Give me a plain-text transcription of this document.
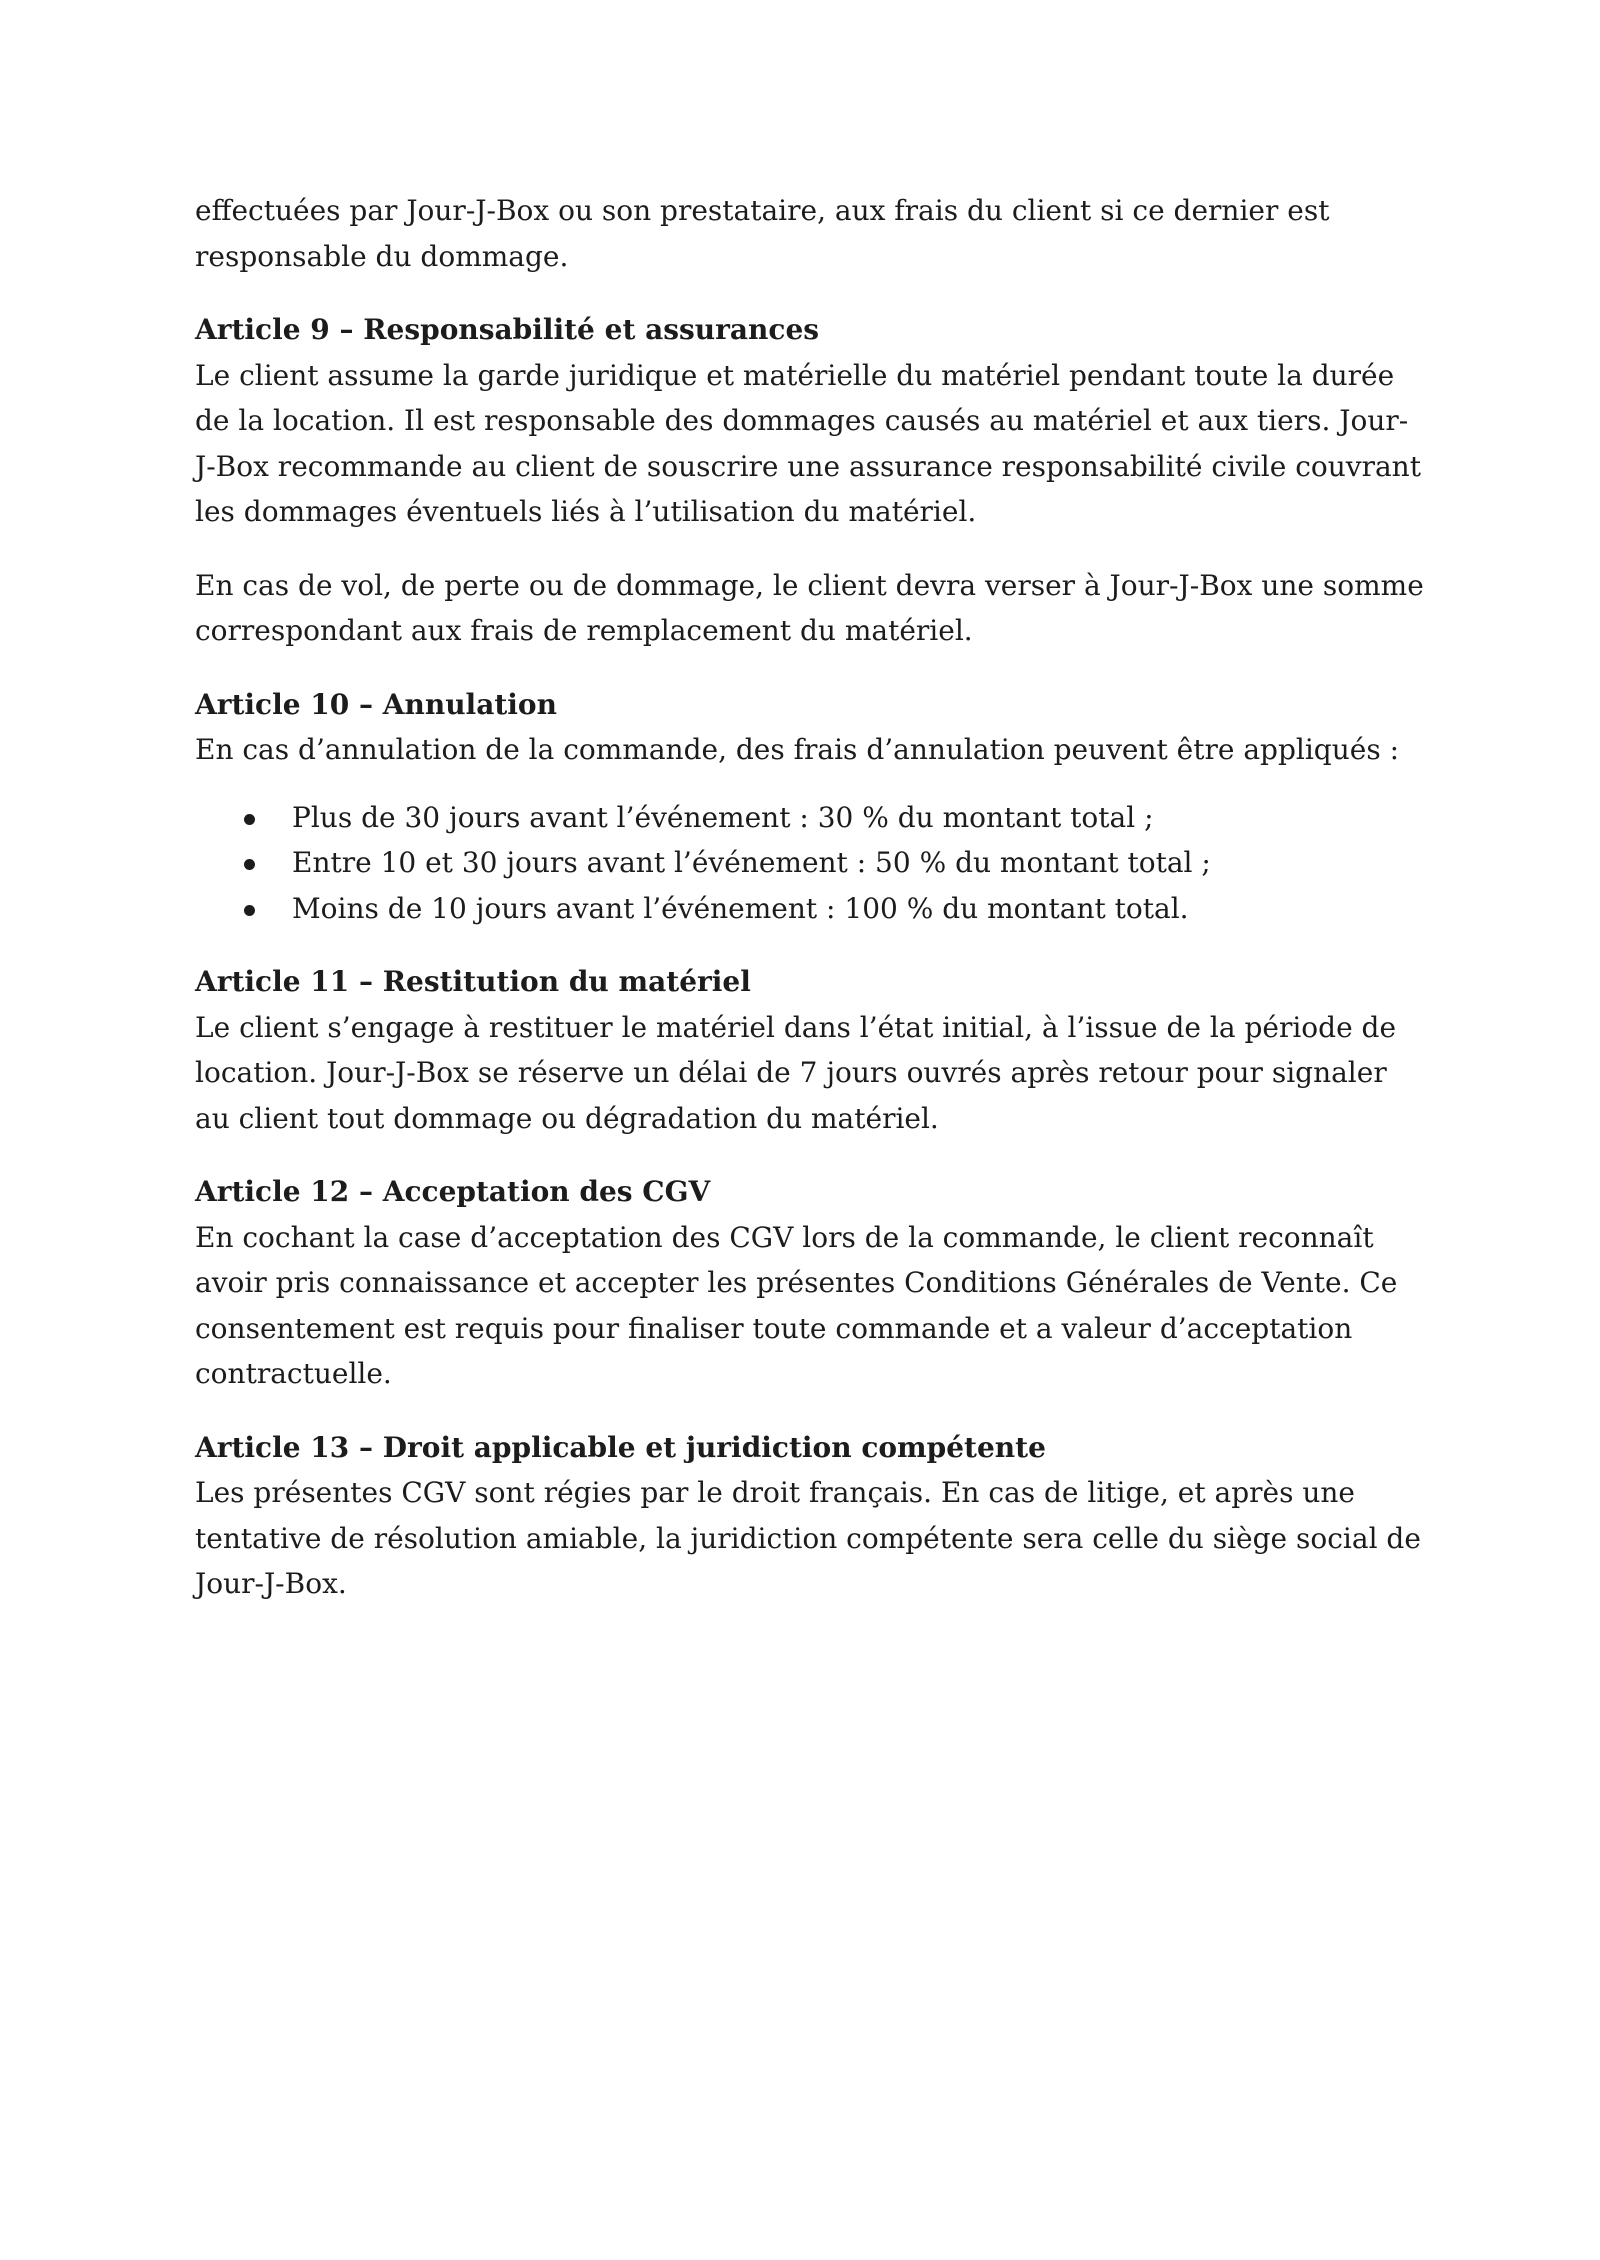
effectuées par Jour-J-Box ou son prestataire, aux frais du client si ce dernier est responsable du dommage.

Article 9 – Responsabilité et assurances

Le client assume la garde juridique et matérielle du matériel pendant toute la durée de la location. Il est responsable des dommages causés au matériel et aux tiers. Jour-J-Box recommande au client de souscrire une assurance responsabilité civile couvrant les dommages éventuels liés à l’utilisation du matériel.

En cas de vol, de perte ou de dommage, le client devra verser à Jour-J-Box une somme correspondant aux frais de remplacement du matériel.

Article 10 – Annulation

En cas d’annulation de la commande, des frais d’annulation peuvent être appliqués :

Plus de 30 jours avant l’événement : 30 % du montant total ;
Entre 10 et 30 jours avant l’événement : 50 % du montant total ;
Moins de 10 jours avant l’événement : 100 % du montant total.

Article 11 – Restitution du matériel

Le client s’engage à restituer le matériel dans l’état initial, à l’issue de la période de location. Jour-J-Box se réserve un délai de 7 jours ouvrés après retour pour signaler au client tout dommage ou dégradation du matériel.

Article 12 – Acceptation des CGV

En cochant la case d’acceptation des CGV lors de la commande, le client reconnaît avoir pris connaissance et accepter les présentes Conditions Générales de Vente. Ce consentement est requis pour finaliser toute commande et a valeur d’acceptation contractuelle.

Article 13 – Droit applicable et juridiction compétente

Les présentes CGV sont régies par le droit français. En cas de litige, et après une tentative de résolution amiable, la juridiction compétente sera celle du siège social de Jour-J-Box.
